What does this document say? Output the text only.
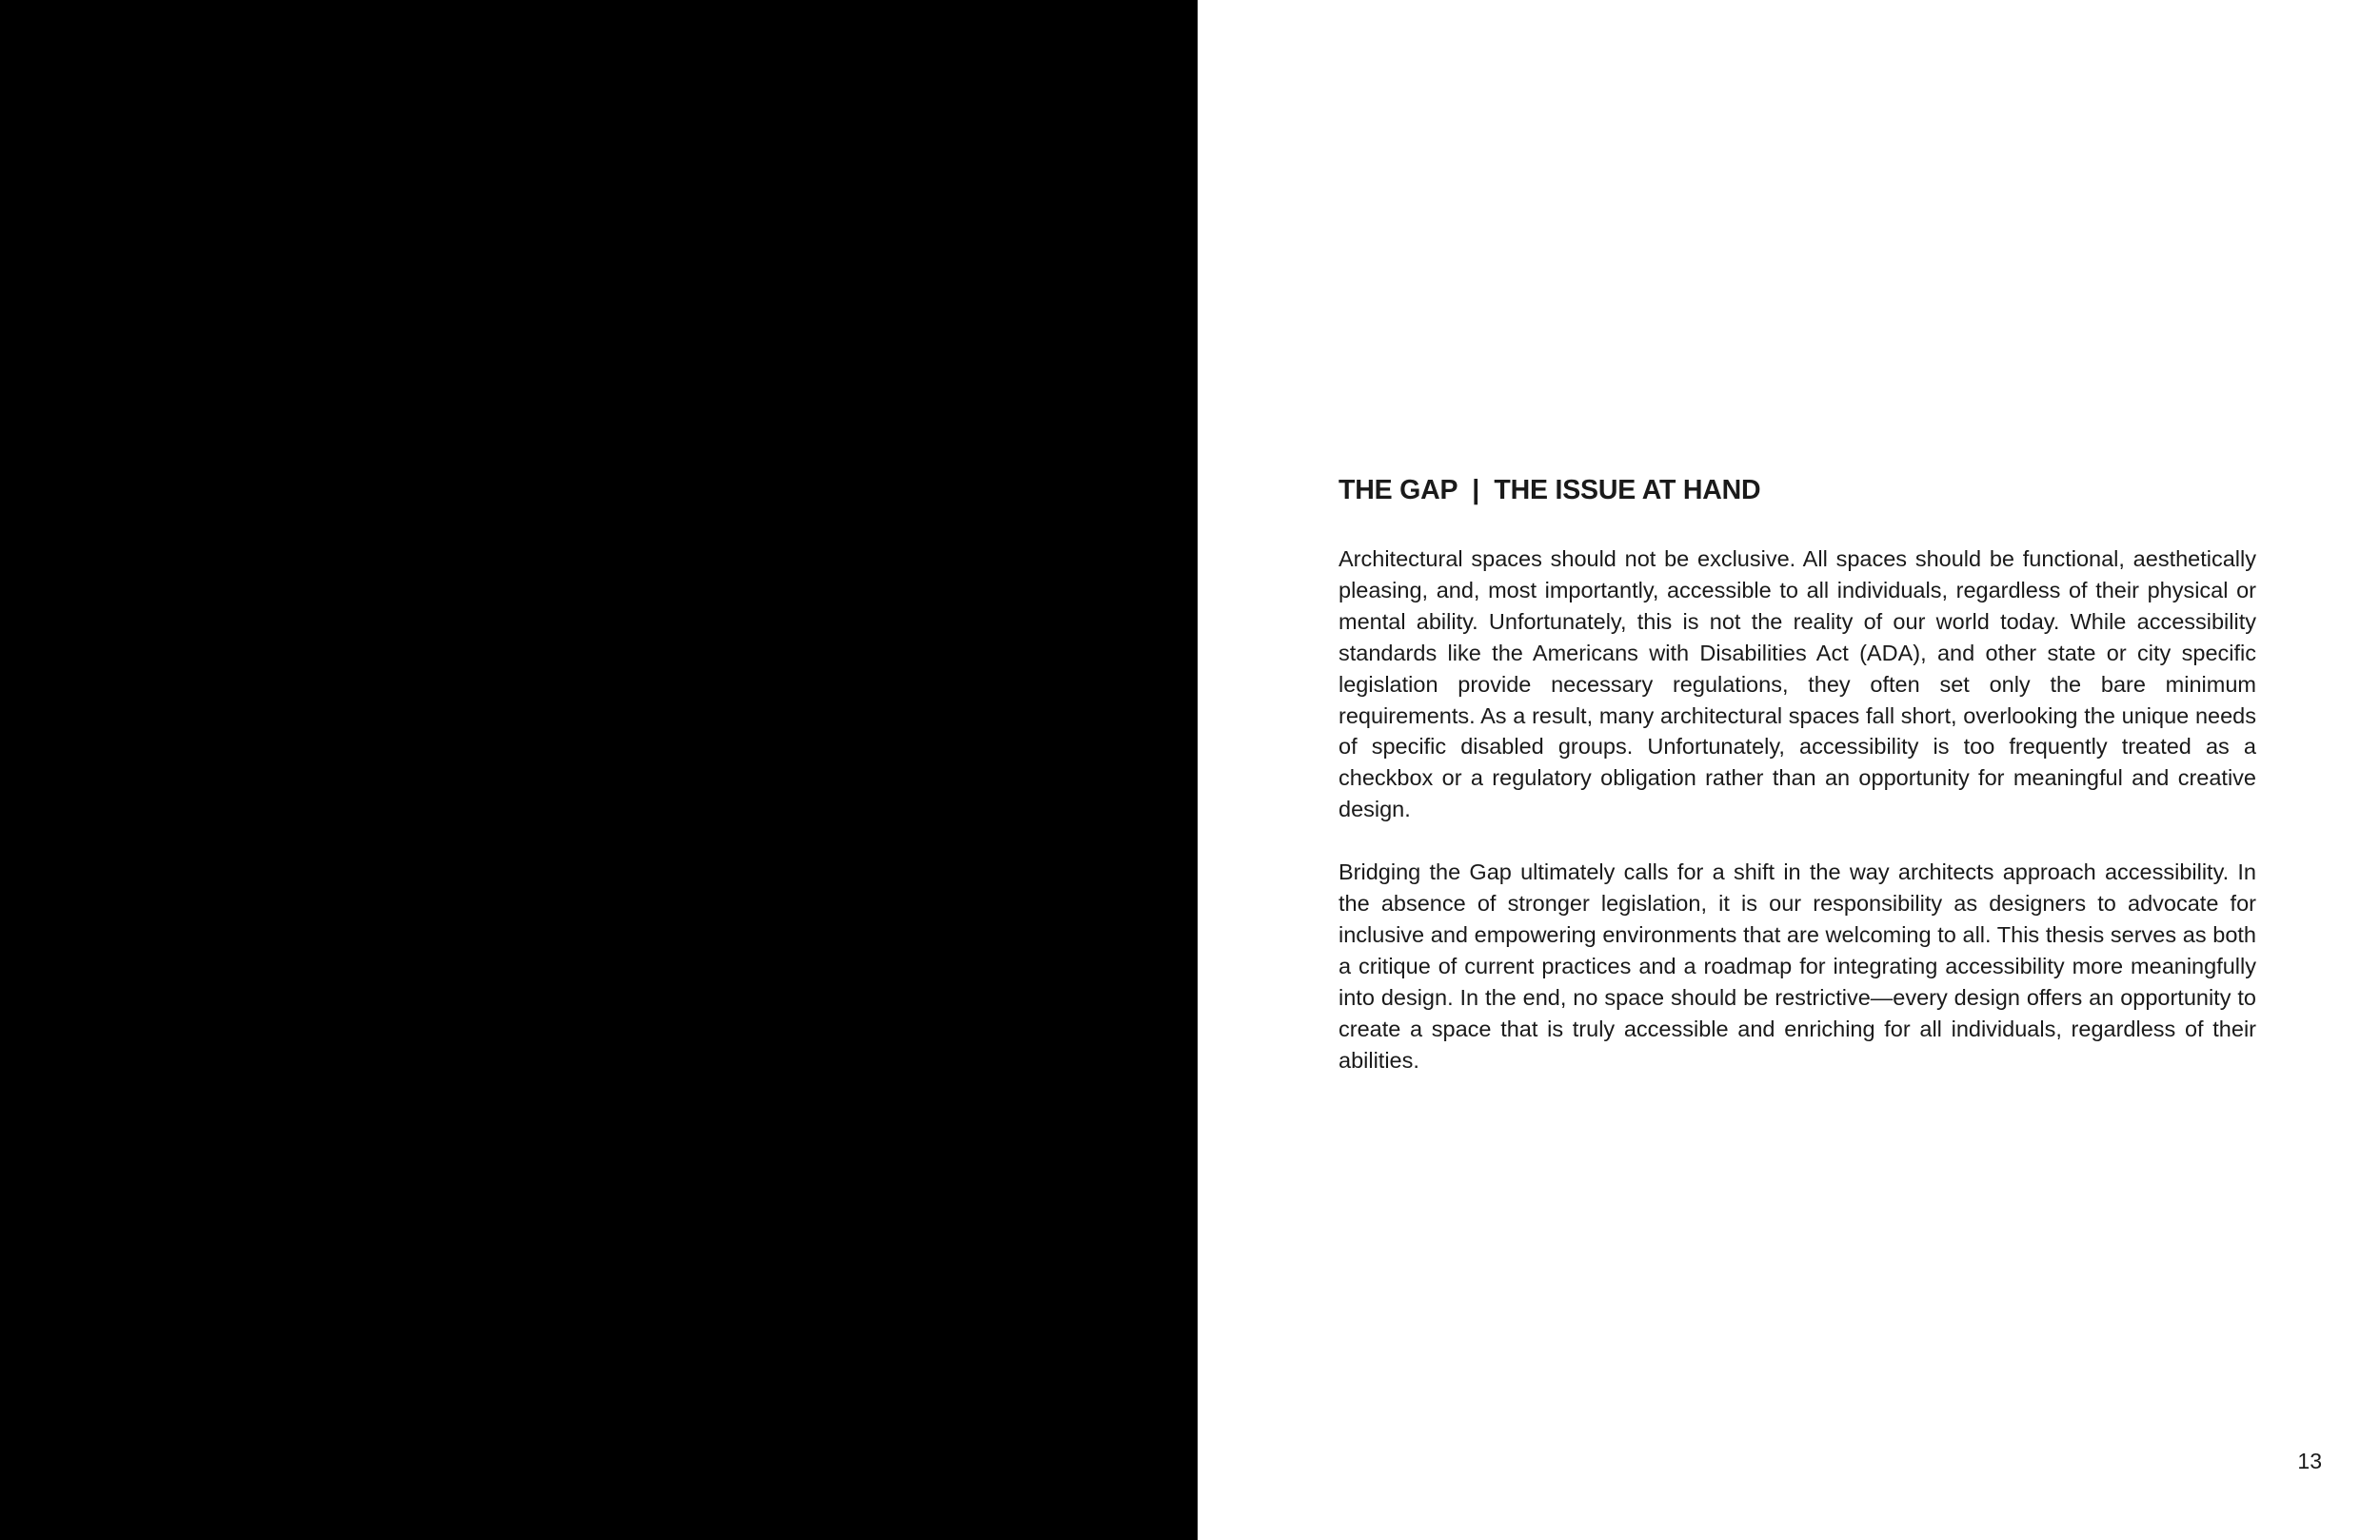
THE GAP  |  THE ISSUE AT HAND

Architectural spaces should not be exclusive. All spaces should be functional, aesthetically pleasing, and, most importantly, accessible to all individuals, regardless of their physical or mental ability. Unfortunately, this is not the reality of our world today. While accessibility standards like the Americans with Disabilities Act (ADA), and other state or city specific legislation provide necessary regulations, they often set only the bare minimum requirements. As a result, many architectural spaces fall short, overlooking the unique needs of specific disabled groups. Unfortunately, accessibility is too frequently treated as a checkbox or a regulatory obligation rather than an opportunity for meaningful and creative design.

Bridging the Gap ultimately calls for a shift in the way architects approach accessibility. In the absence of stronger legislation, it is our responsibility as designers to advocate for inclusive and empowering environments that are welcoming to all. This thesis serves as both a critique of current practices and a roadmap for integrating accessibility more meaningfully into design. In the end, no space should be restrictive—every design offers an opportunity to create a space that is truly accessible and enriching for all individuals, regardless of their abilities.

13
